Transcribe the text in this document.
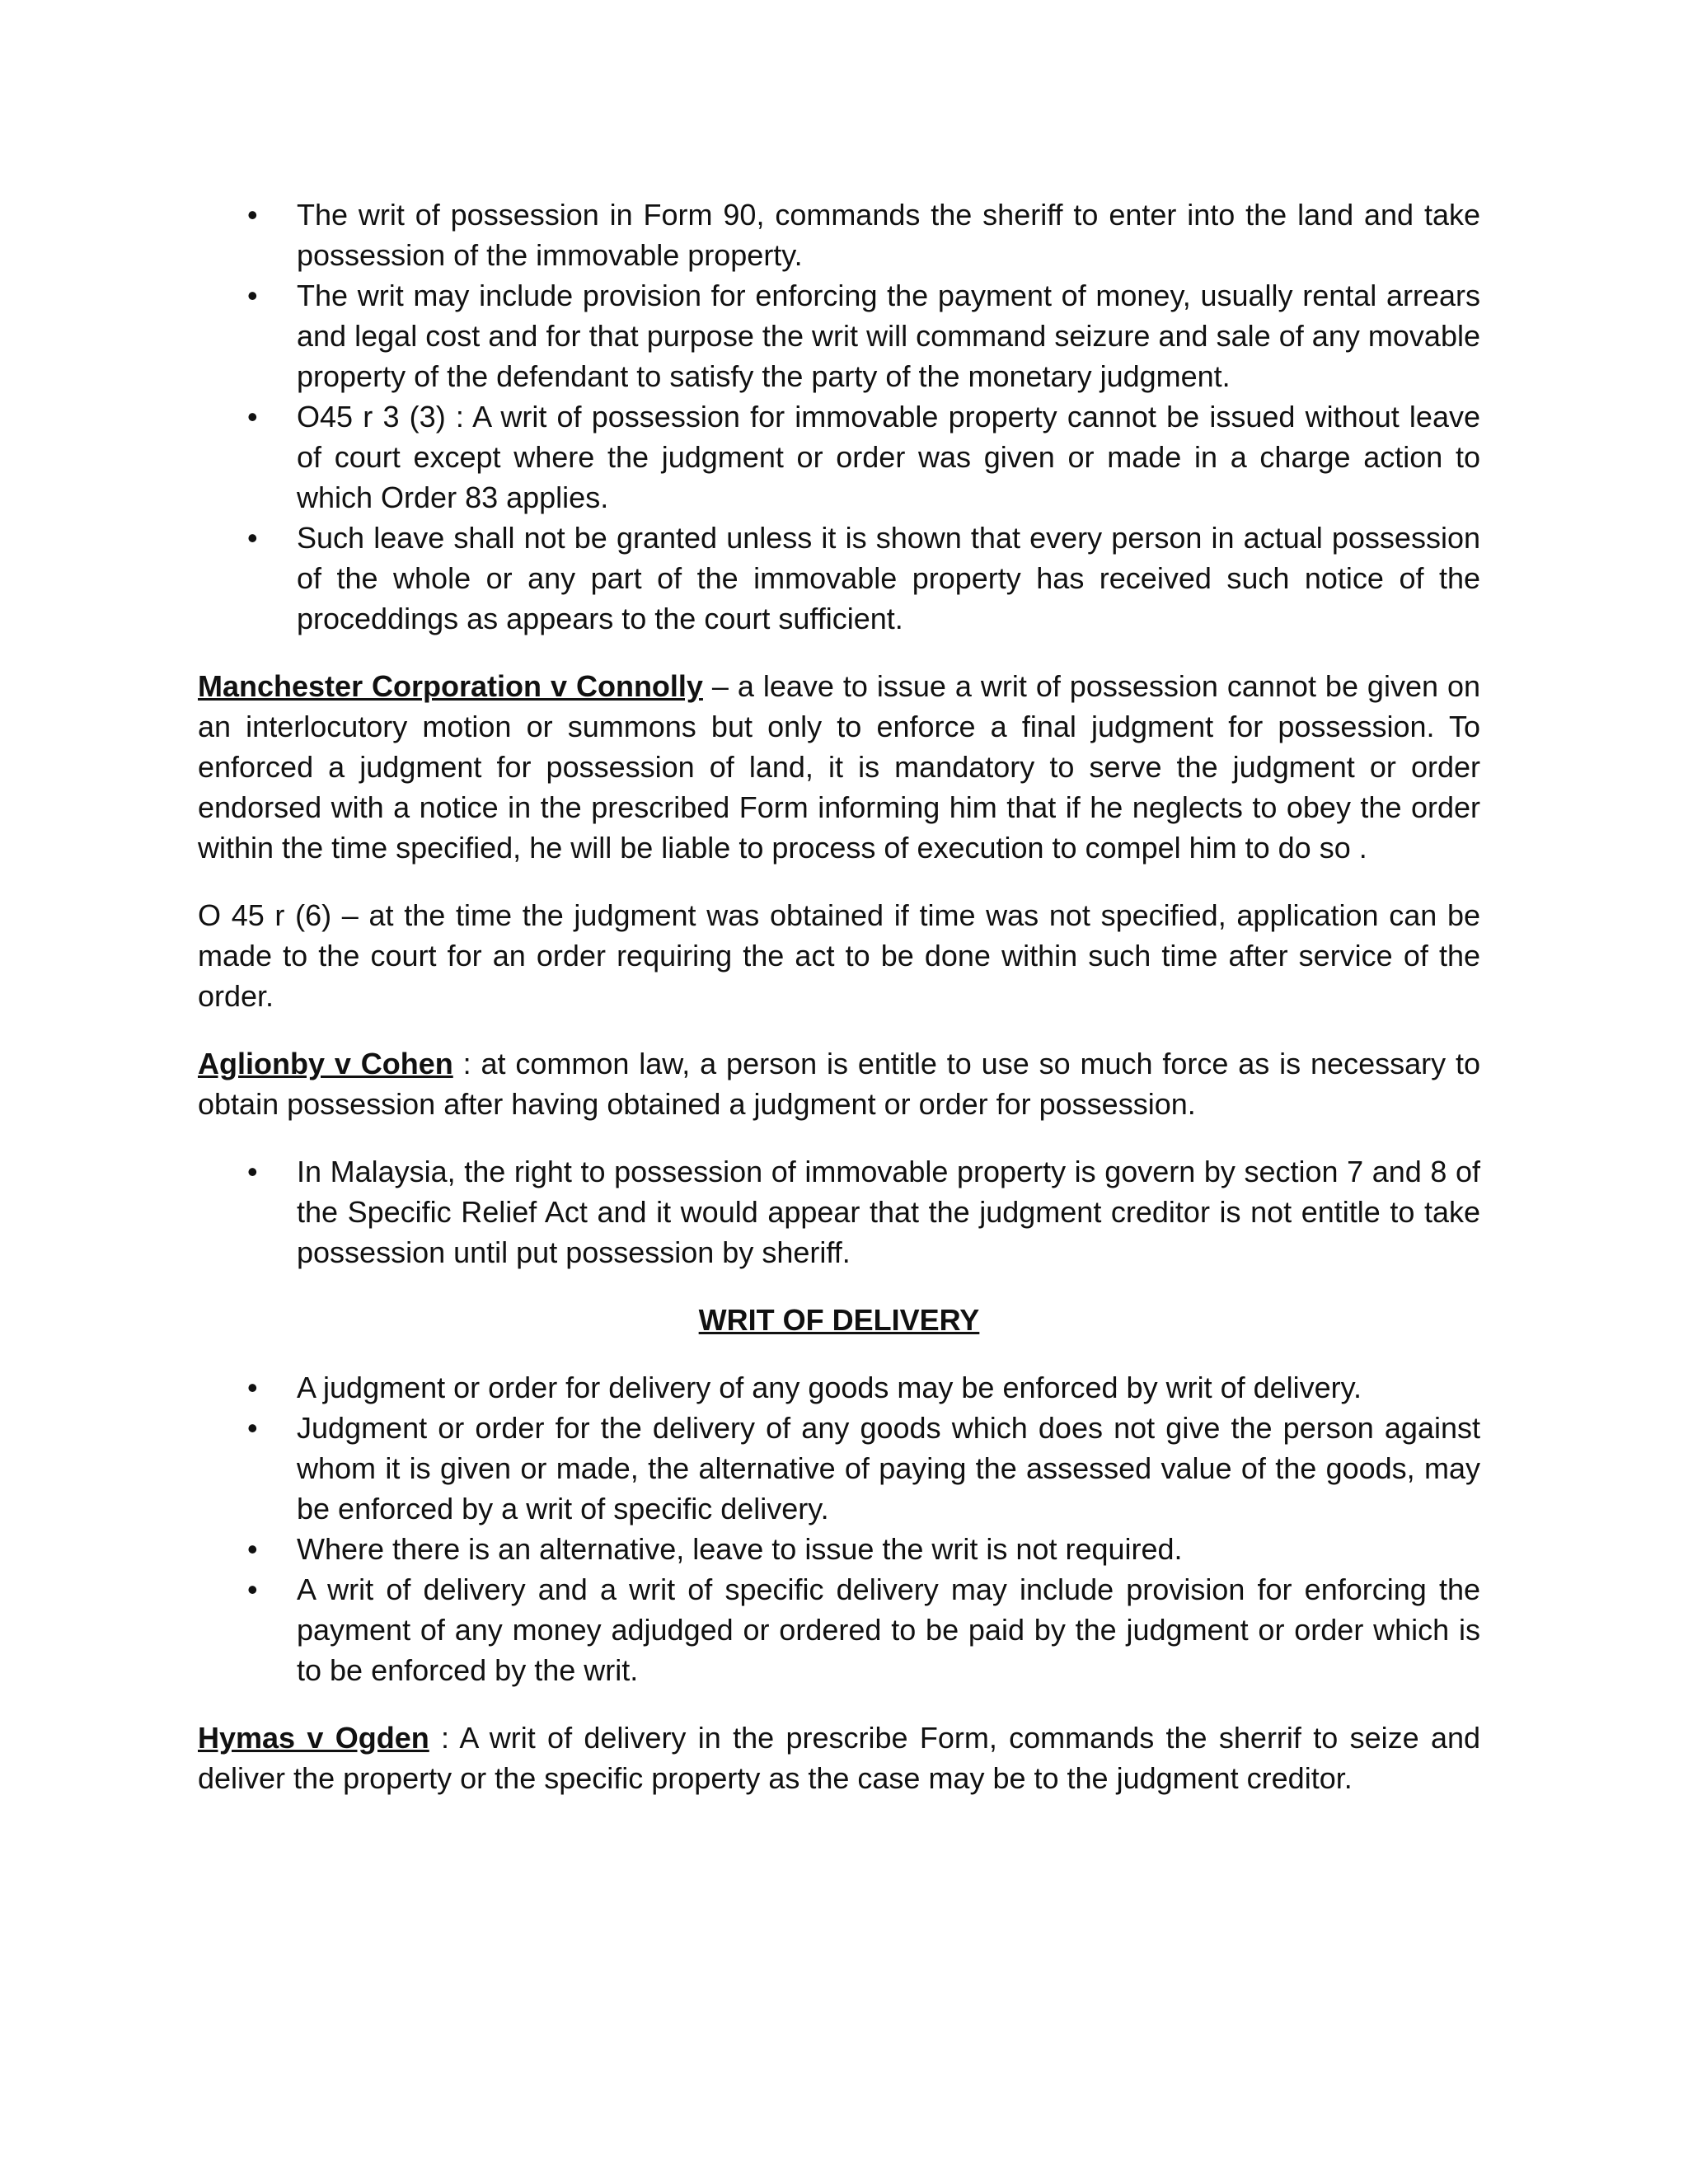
• The writ of possession in Form 90, commands the sheriff to enter into the land and take possession of the immovable property.
• The writ may include provision for enforcing the payment of money, usually rental arrears and legal cost and for that purpose the writ will command seizure and sale of any movable property of the defendant to satisfy the party of the monetary judgment.
• O45 r 3 (3) : A writ of possession for immovable property cannot be issued without leave of court except where the judgment or order was given or made in a charge action to which Order 83 applies.
• Such leave shall not be granted unless it is shown that every person in actual possession of the whole or any part of the immovable property has received such notice of the proceddings as appears to the court sufficient.

Manchester Corporation v Connolly – a leave to issue a writ of possession cannot be given on an interlocutory motion or summons but only to enforce a final judgment for possession. To enforced a judgment for possession of land, it is mandatory to serve the judgment or order endorsed with a notice in the prescribed Form informing him that if he neglects to obey the order within the time specified, he will be liable to process of execution to compel him to do so .

O 45 r (6) – at the time the judgment was obtained if time was not specified, application can be made to the court for an order requiring the act to be done within such time after service of the order.

Aglionby v Cohen : at common law, a person is entitle to use so much force as is necessary to obtain possession after having obtained a judgment or order for possession.

• In Malaysia, the right to possession of immovable property is govern by section 7 and 8 of the Specific Relief Act and it would appear that the judgment creditor is not entitle to take possession until put possession by sheriff.
WRIT OF DELIVERY
• A judgment or order for delivery of any goods may be enforced by writ of delivery.
• Judgment or order for the delivery of any goods which does not give the person against whom it is given or made, the alternative of paying the assessed value of the goods, may be enforced by a writ of specific delivery.
• Where there is an alternative, leave to issue the writ is not required.
• A writ of delivery and a writ of specific delivery may include provision for enforcing the payment of any money adjudged or ordered to be paid by the judgment or order which is to be enforced by the writ.

Hymas v Ogden : A writ of delivery in the prescribe Form, commands the sherrif to seize and deliver the property or the specific property as the case may be to the judgment creditor.
